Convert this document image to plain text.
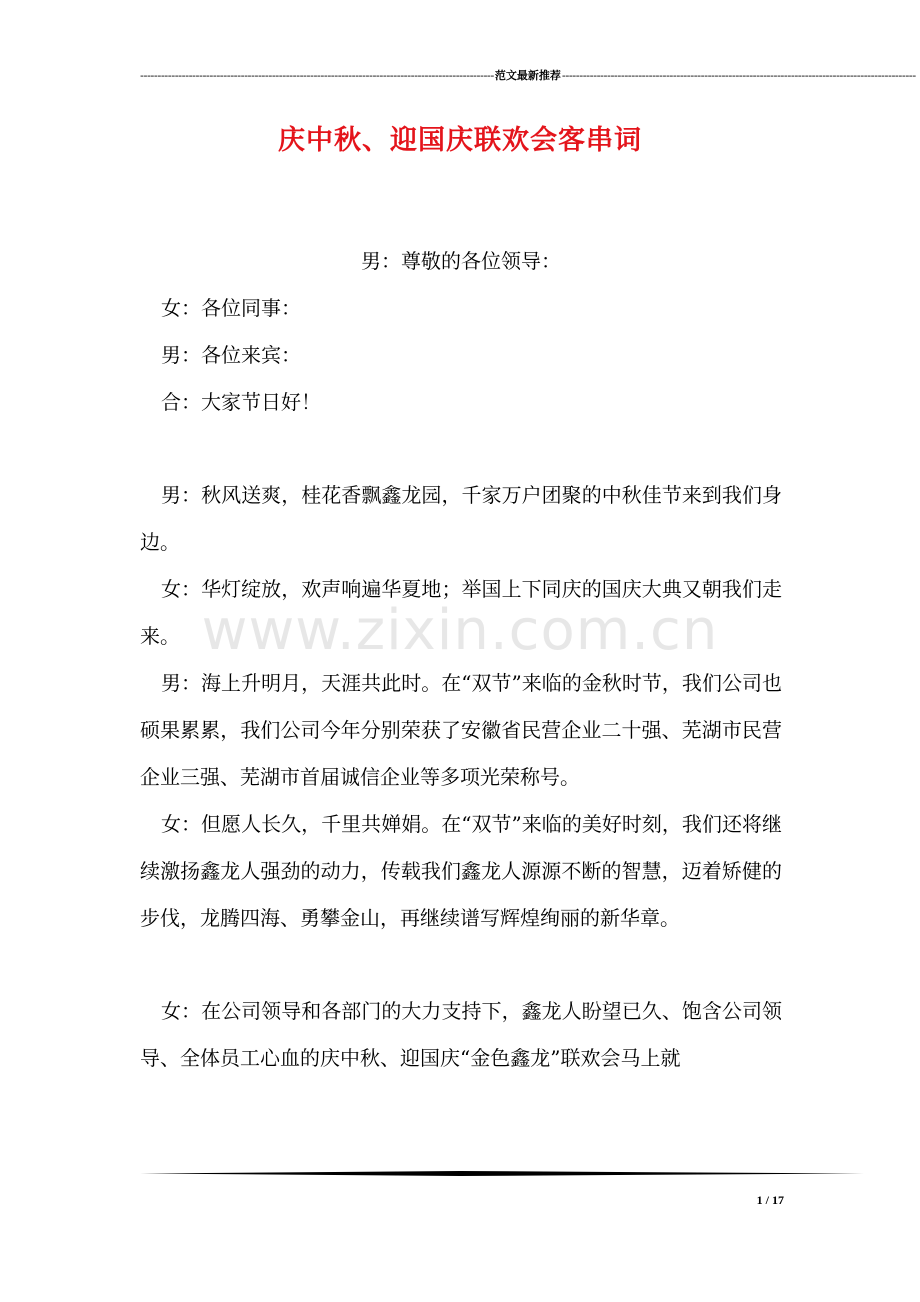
------------------------------------------------------------------------------------------------------ 范文最新推荐 ------------------------------------------------------------------------------------------------------
庆中秋、迎国庆联欢会客串词

男：尊敬的各位领导：

女：各位同事：

男：各位来宾：

合：大家节日好！

男：秋风送爽，桂花香飘鑫龙园，千家万户团聚的中秋佳节来到我们身边。

女：华灯绽放，欢声响遍华夏地；举国上下同庆的国庆大典又朝我们走来。

男：海上升明月，天涯共此时。在“双节”来临的金秋时节，我们公司也硕果累累，我们公司今年分别荣获了安徽省民营企业二十强、芜湖市民营企业三强、芜湖市首届诚信企业等多项光荣称号。

女：但愿人长久，千里共婵娟。在“双节”来临的美好时刻，我们还将继续激扬鑫龙人强劲的动力，传载我们鑫龙人源源不断的智慧，迈着矫健的步伐，龙腾四海、勇攀金山，再继续谱写辉煌绚丽的新华章。

女：在公司领导和各部门的大力支持下，鑫龙人盼望已久、饱含公司领导、全体员工心血的庆中秋、迎国庆“金色鑫龙”联欢会马上就

www.zixin.com.cn
1 / 17
